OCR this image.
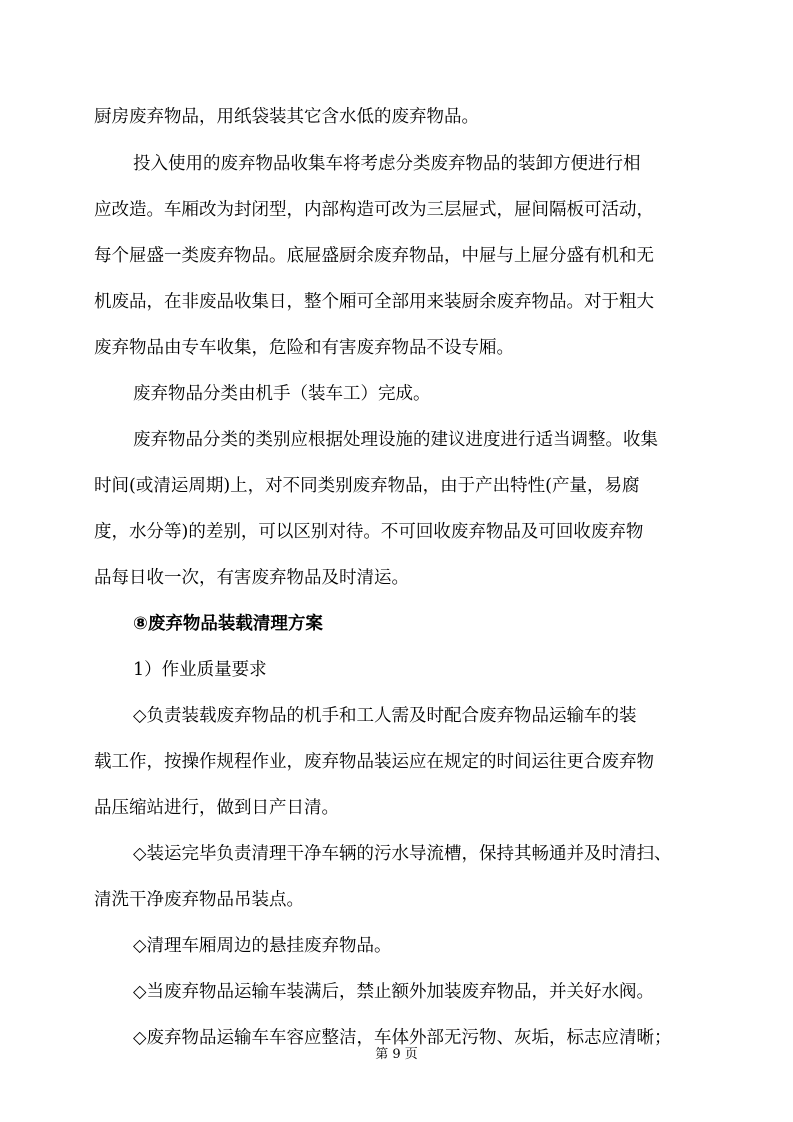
厨房废弃物品，用纸袋装其它含水低的废弃物品。
投入使用的废弃物品收集车将考虑分类废弃物品的装卸方便进行相
应改造。车厢改为封闭型，内部构造可改为三层屉式，屉间隔板可活动，
每个屉盛一类废弃物品。底屉盛厨余废弃物品，中屉与上屉分盛有机和无
机废品，在非废品收集日，整个厢可全部用来装厨余废弃物品。对于粗大
废弃物品由专车收集，危险和有害废弃物品不设专厢。
废弃物品分类由机手（装车工）完成。
废弃物品分类的类别应根据处理设施的建议进度进行适当调整。收集
时间(或清运周期)上，对不同类别废弃物品，由于产出特性(产量，易腐
度，水分等)的差别，可以区别对待。不可回收废弃物品及可回收废弃物
品每日收一次，有害废弃物品及时清运。
⑧废弃物品装载清理方案
1）作业质量要求
◇负责装载废弃物品的机手和工人需及时配合废弃物品运输车的装
载工作，按操作规程作业，废弃物品装运应在规定的时间运往更合废弃物
品压缩站进行，做到日产日清。
◇装运完毕负责清理干净车辆的污水导流槽，保持其畅通并及时清扫、
清洗干净废弃物品吊装点。
◇清理车厢周边的悬挂废弃物品。
◇当废弃物品运输车装满后，禁止额外加装废弃物品，并关好水阀。
◇废弃物品运输车车容应整洁，车体外部无污物、灰垢，标志应清晰；
第 9 页
